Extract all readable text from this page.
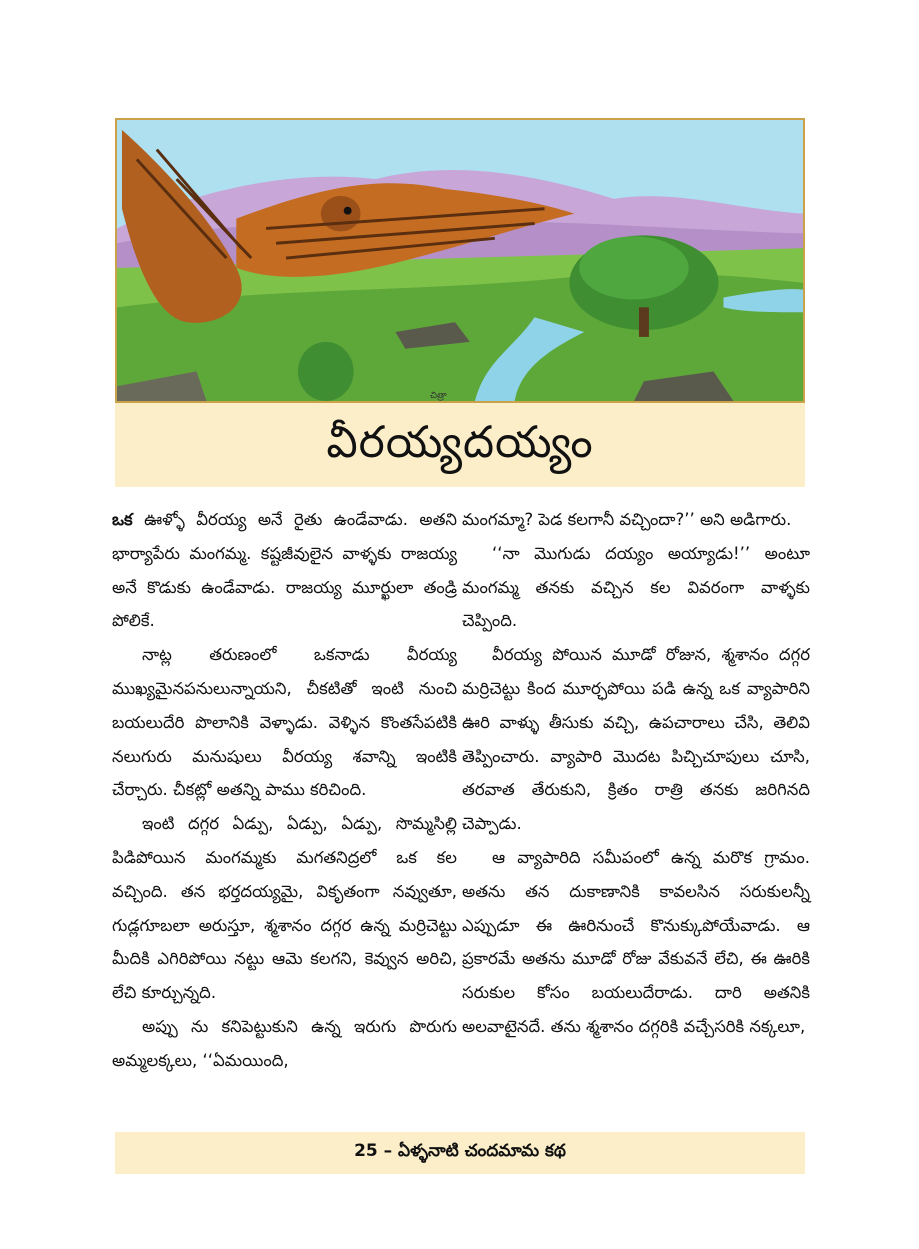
చిత్రా
వీరయ్యదయ్యం

ఒక ఊళ్ళో వీరయ్య అనే రైతు ఉండేవాడు. అతని భార్యాపేరు మంగమ్మ. కష్టజీవులైన వాళ్ళకు రాజయ్య అనే కొడుకు ఉండేవాడు. రాజయ్య మూర్ఖులా తండ్రి పోలికే.

నాట్ల తరుణంలో ఒకనాడు వీరయ్య ముఖ్యమైనపనులున్నాయని, చీకటితో ఇంటి నుంచి బయలుదేరి పొలానికి వెళ్ళాడు. వెళ్ళిన కొంతసేపటికి నలుగురు మనుషులు వీరయ్య శవాన్ని ఇంటికి చేర్చారు. చీకట్లో అతన్ని పాము కరిచింది.

ఇంటి దగ్గర ఏడ్పు, ఏడ్పు, ఏడ్పు, సొమ్మసిల్లి పిడిపోయిన మంగమ్మకు మగతనిద్రలో ఒక కల వచ్చింది. తన భర్తదయ్యమై, వికృతంగా నవ్వుతూ, గుడ్లగూబలా అరుస్తూ, శ్మశానం దగ్గర ఉన్న మర్రిచెట్టు మీదికి ఎగిరిపోయి నట్టు ఆమె కలగని, కెవ్వున అరిచి, లేచి కూర్చున్నది.

అప్పు ను కనిపెట్టుకుని ఉన్న ఇరుగు పొరుగు అమ్మలక్కలు, ‘‘ఏమయింది,

మంగమ్మా? పెడ కలగానీ వచ్చిందా?’’ అని అడిగారు.

‘‘నా మొగుడు దయ్యం అయ్యాడు!’’ అంటూ మంగమ్మ తనకు వచ్చిన కల వివరంగా వాళ్ళకు చెప్పింది.

వీరయ్య పోయిన మూడో రోజున, శ్మశానం దగ్గర మర్రిచెట్టు కింద మూర్ఛపోయి పడి ఉన్న ఒక వ్యాపారిని ఊరి వాళ్ళు తీసుకు వచ్చి, ఉపచారాలు చేసి, తెలివి తెప్పించారు. వ్యాపారి మొదట పిచ్చిచూపులు చూసి, తరవాత తేరుకుని, క్రితం రాత్రి తనకు జరిగినది చెప్పాడు.

ఆ వ్యాపారిది సమీపంలో ఉన్న మరొక గ్రామం. అతను తన దుకాణానికి కావలసిన సరుకులన్నీ ఎప్పుడూ ఈ ఊరినుంచే కొనుక్కుపోయేవాడు. ఆ ప్రకారమే అతను మూడో రోజు వేకువనే లేచి, ఈ ఊరికి సరుకుల కోసం బయలుదేరాడు. దారి అతనికి అలవాటైనదే. తను శ్మశానం దగ్గరికి వచ్చేసరికి నక్కలూ,

25 – ఏళ్ళనాటి చందమామ కథ
